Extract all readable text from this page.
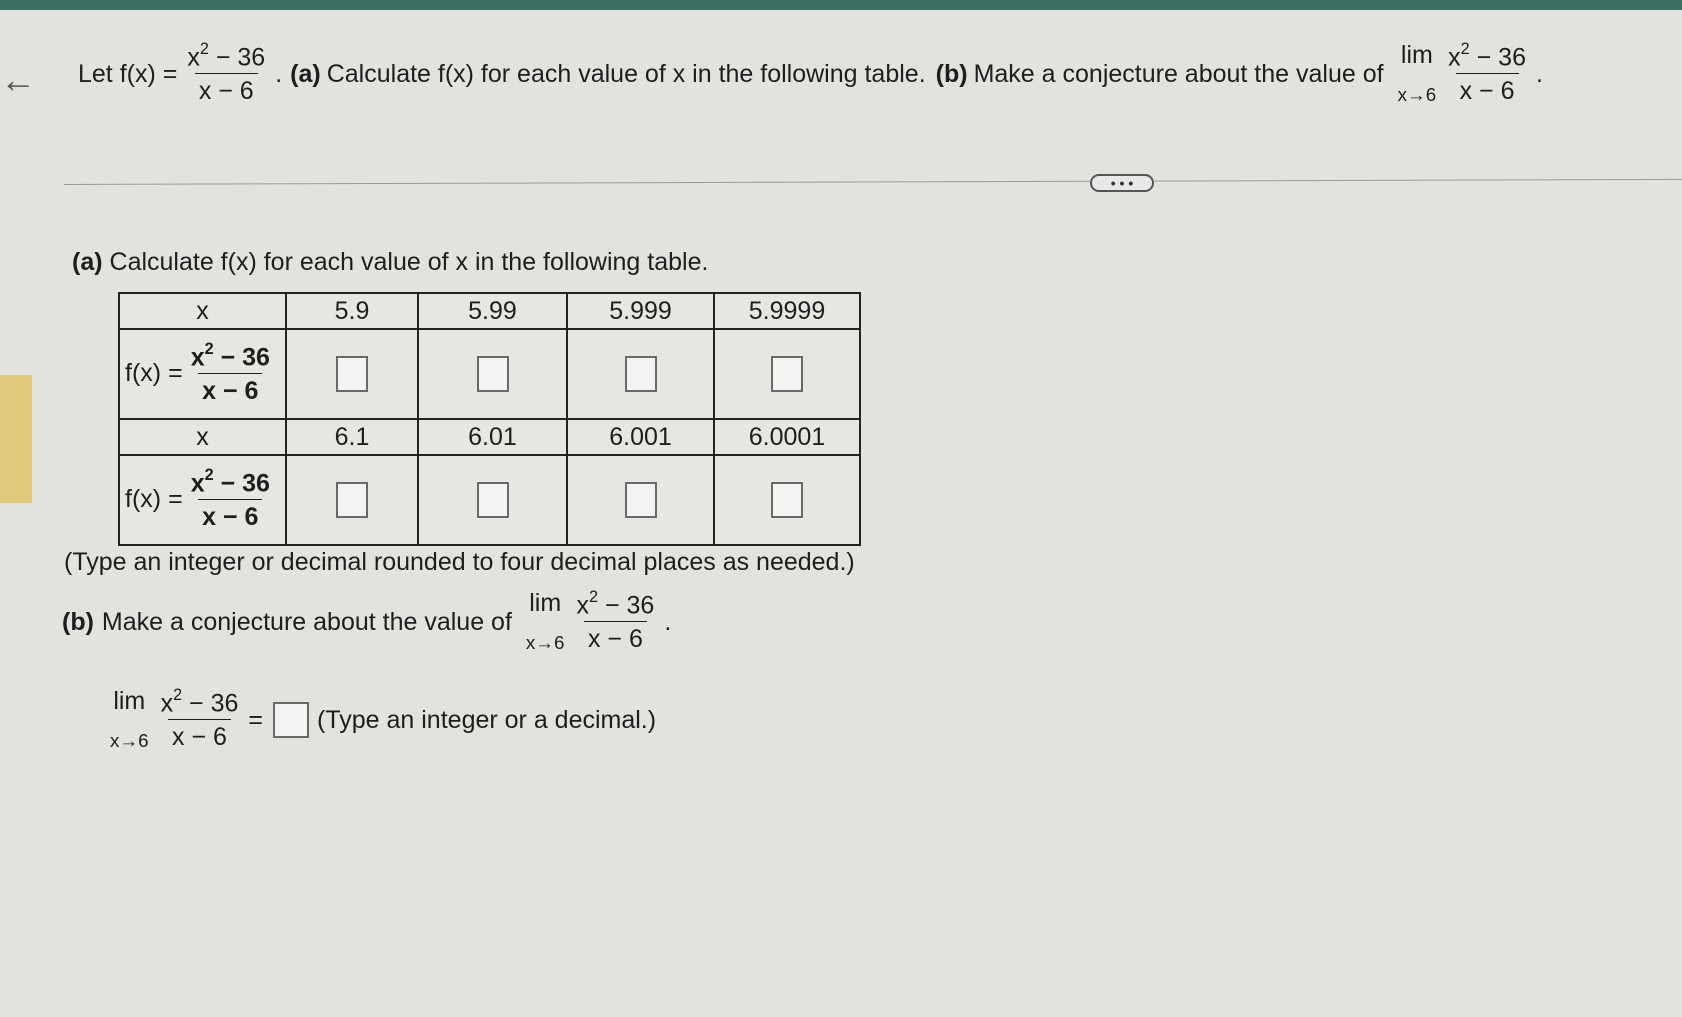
← Let $f(x) = \frac{x^2 - 36}{x - 6}$ . (a) Calculate f(x) for each value of x in the following table. (b) Make a conjecture about the value of
lim
$x\to 6 \frac{x^2 - 36}{x - 6}$ .
• • •
(a) Calculate f(x) for each value of x in the following table.
x	5.9	5.99	5.999	5.9999

$f(x) = \frac{x^2 - 36}{x - 6}$

x	6.1	6.01	6.001	6.0001

$f(x) = \frac{x^2 - 36}{x - 6}$

(Type an integer or decimal rounded to four decimal places as needed.)
(b) Make a conjecture about the value of
lim
$x\to 6 \frac{x^2 - 36}{x - 6}$ .
lim
$x\to 6 \frac{x^2 - 36}{x - 6}$ = (Type an integer or a decimal.)
